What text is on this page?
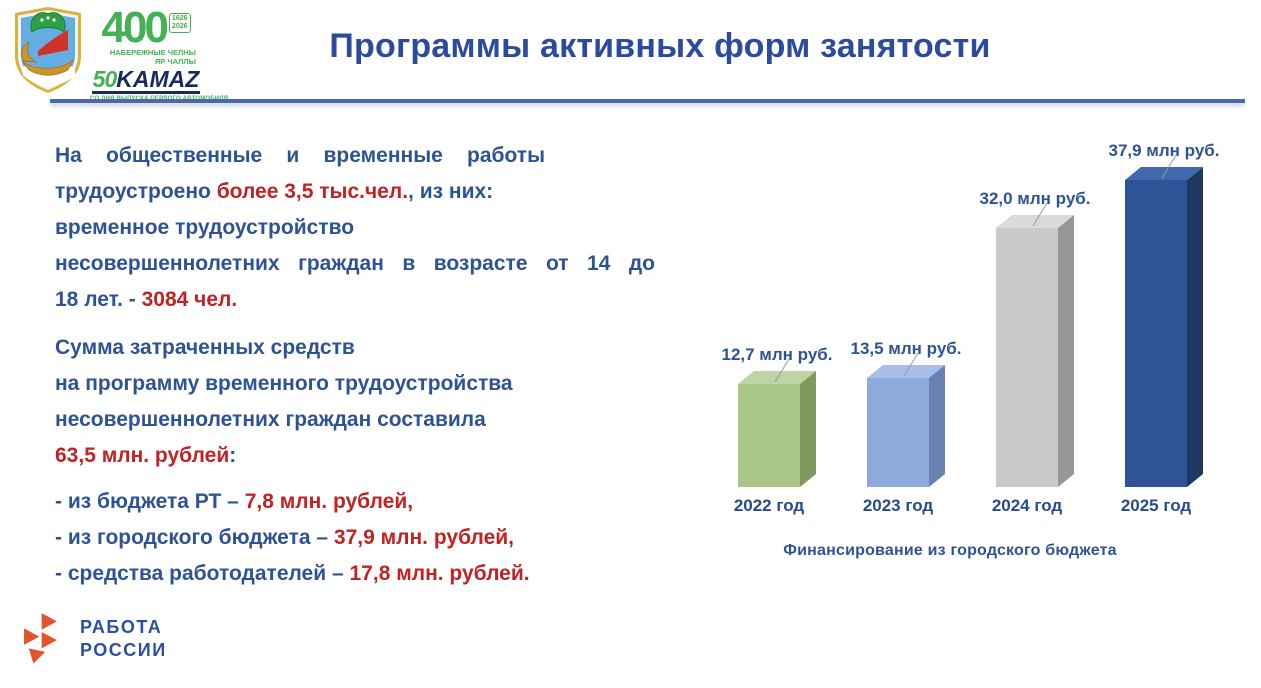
400 1626
2026
НАБЕРЕЖНЫЕ ЧЕЛНЫ
ЯР ЧАЛЛЫ
50 KAMAZ
Программы активных форм занятости
На общественные и временные работы
трудоустроено более 3,5 тыс.чел., из них:
временное трудоустройство
несовершеннолетних граждан в возрасте от 14 до
18 лет. - 3084 чел.
Сумма затраченных средств
на программу временного трудоустройства
несовершеннолетних граждан составила
63,5 млн. рублей:
- из бюджета РТ – 7,8 млн. рублей,
- из городского бюджета – 37,9 млн. рублей,
- средства работодателей – 17,8 млн. рублей.
12,7 млн руб.
2022 год
13,5 млн руб.
2023 год
32,0 млн руб.
2024 год
37,9 млн руб.
2025 год
Финансирование из городского бюджета
РАБОТА
РОССИИ
